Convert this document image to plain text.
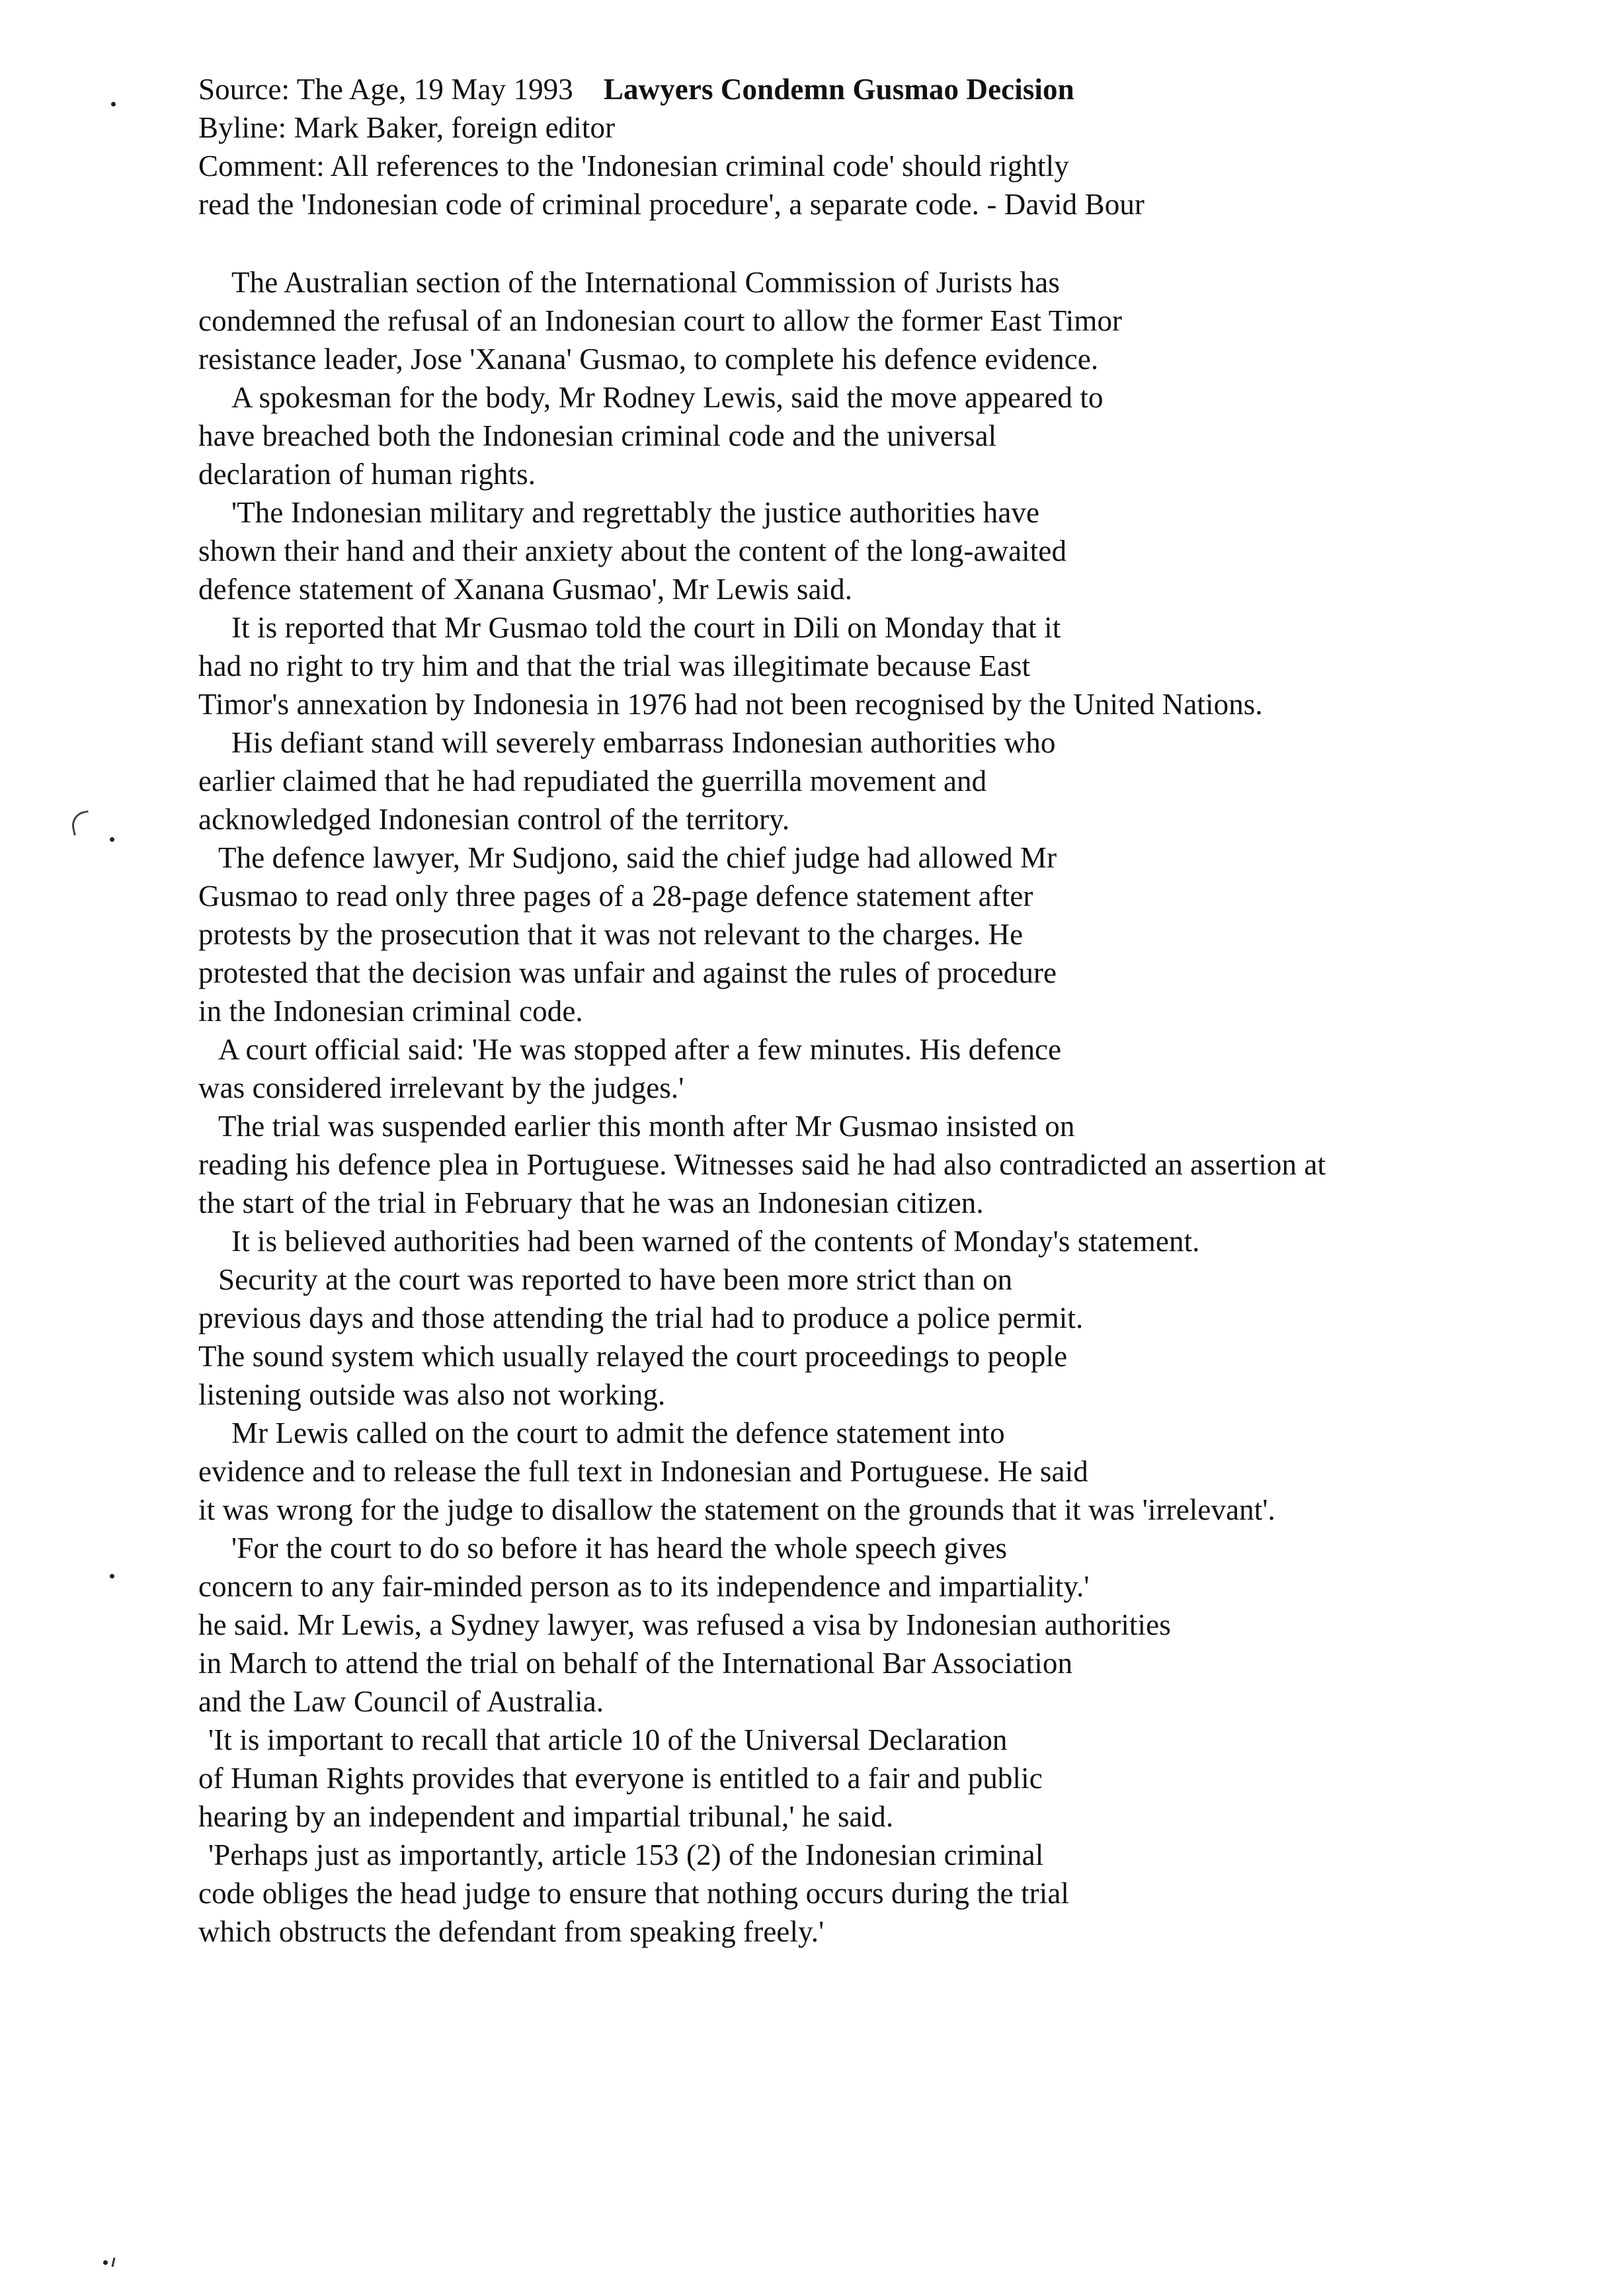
Source: The Age, 19 May 1993 Lawyers Condemn Gusmao Decision
Byline: Mark Baker, foreign editor
Comment: All references to the 'Indonesian criminal code' should rightly
read the 'Indonesian code of criminal procedure', a separate code. - David Bour
The Australian section of the International Commission of Jurists has
condemned the refusal of an Indonesian court to allow the former East Timor
resistance leader, Jose 'Xanana' Gusmao, to complete his defence evidence.
A spokesman for the body, Mr Rodney Lewis, said the move appeared to
have breached both the Indonesian criminal code and the universal
declaration of human rights.
'The Indonesian military and regrettably the justice authorities have
shown their hand and their anxiety about the content of the long-awaited
defence statement of Xanana Gusmao', Mr Lewis said.
It is reported that Mr Gusmao told the court in Dili on Monday that it
had no right to try him and that the trial was illegitimate because East
Timor's annexation by Indonesia in 1976 had not been recognised by the United Nations.
His defiant stand will severely embarrass Indonesian authorities who
earlier claimed that he had repudiated the guerrilla movement and
acknowledged Indonesian control of the territory.
The defence lawyer, Mr Sudjono, said the chief judge had allowed Mr
Gusmao to read only three pages of a 28-page defence statement after
protests by the prosecution that it was not relevant to the charges. He
protested that the decision was unfair and against the rules of procedure
in the Indonesian criminal code.
A court official said: 'He was stopped after a few minutes. His defence
was considered irrelevant by the judges.'
The trial was suspended earlier this month after Mr Gusmao insisted on
reading his defence plea in Portuguese. Witnesses said he had also contradicted an assertion at
the start of the trial in February that he was an Indonesian citizen.
It is believed authorities had been warned of the contents of Monday's statement.
Security at the court was reported to have been more strict than on
previous days and those attending the trial had to produce a police permit.
The sound system which usually relayed the court proceedings to people
listening outside was also not working.
Mr Lewis called on the court to admit the defence statement into
evidence and to release the full text in Indonesian and Portuguese. He said
it was wrong for the judge to disallow the statement on the grounds that it was 'irrelevant'.
'For the court to do so before it has heard the whole speech gives
concern to any fair-minded person as to its independence and impartiality.'
he said. Mr Lewis, a Sydney lawyer, was refused a visa by Indonesian authorities
in March to attend the trial on behalf of the International Bar Association
and the Law Council of Australia.
'It is important to recall that article 10 of the Universal Declaration
of Human Rights provides that everyone is entitled to a fair and public
hearing by an independent and impartial tribunal,' he said.
'Perhaps just as importantly, article 153 (2) of the Indonesian criminal
code obliges the head judge to ensure that nothing occurs during the trial
which obstructs the defendant from speaking freely.'
